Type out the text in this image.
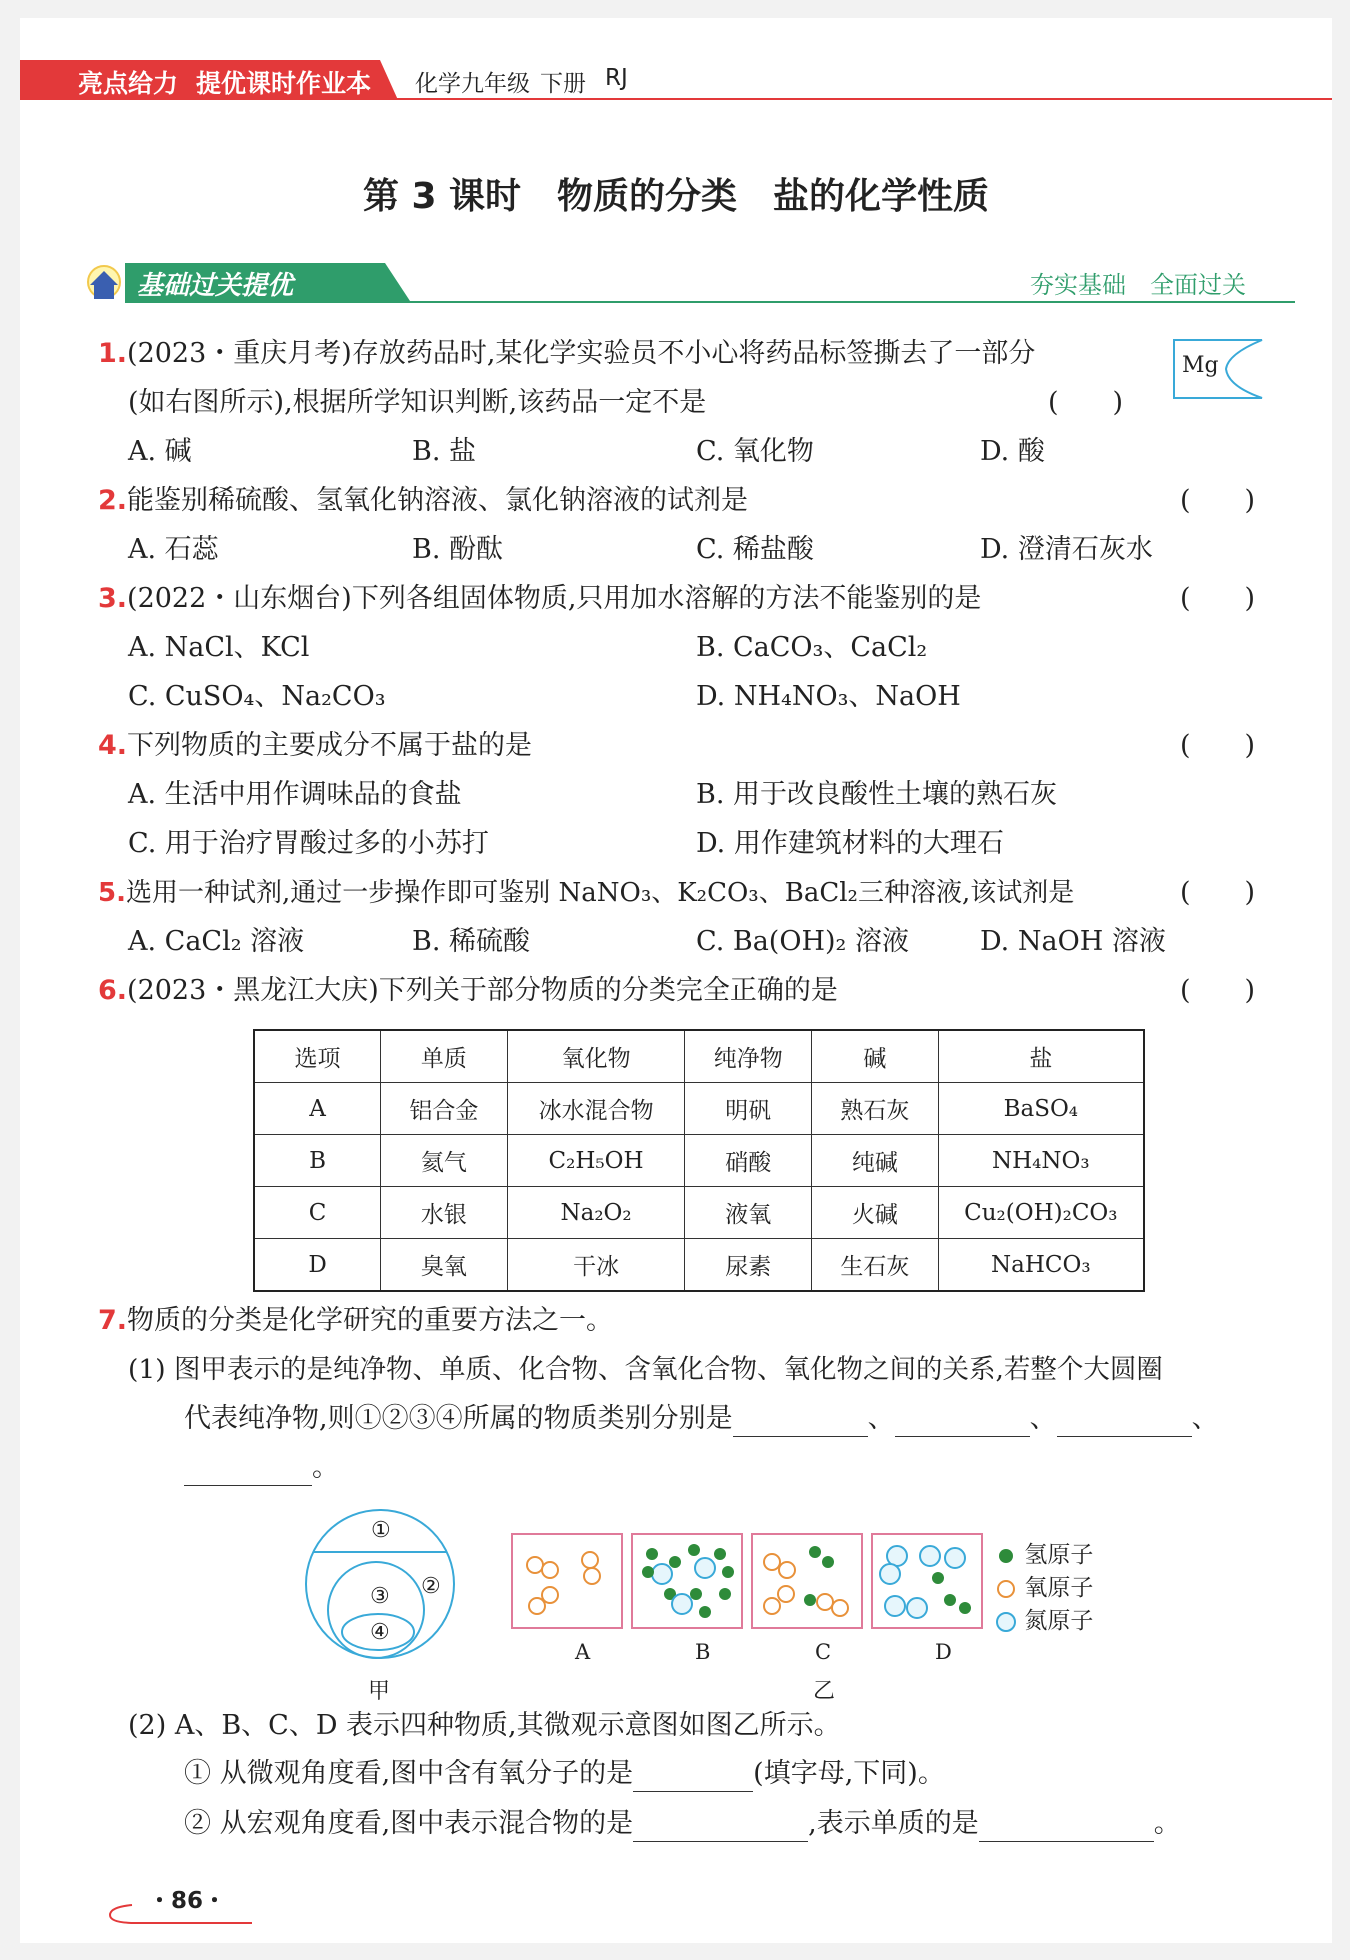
亮点给力 提优课时作业本 化学九年级 下册 RJ
第 3 课时　物质的分类　盐的化学性质
基础过关提优	夯实基础　全面过关
1.(2023・重庆月考)存放药品时,某化学实验员不小心将药品标签撕去了一部分
(如右图所示),根据所学知识判断,该药品一定不是	(　　)
Mg
A. 碱	B. 盐	C. 氧化物	D. 酸
2.能鉴别稀硫酸、氢氧化钠溶液、氯化钠溶液的试剂是	(　　)
A. 石蕊	B. 酚酞	C. 稀盐酸	D. 澄清石灰水
3.(2022・山东烟台)下列各组固体物质,只用加水溶解的方法不能鉴别的是	(　　)
A. NaCl、KCl	B. CaCO₃、CaCl₂
C. CuSO₄、Na₂CO₃	D. NH₄NO₃、NaOH
4.下列物质的主要成分不属于盐的是	(　　)
A. 生活中用作调味品的食盐	B. 用于改良酸性土壤的熟石灰
C. 用于治疗胃酸过多的小苏打	D. 用作建筑材料的大理石
5.选用一种试剂,通过一步操作即可鉴别 NaNO₃、K₂CO₃、BaCl₂三种溶液,该试剂是	(　　)
A. CaCl₂ 溶液	B. 稀硫酸	C. Ba(OH)₂ 溶液	D. NaOH 溶液
6.(2023・黑龙江大庆)下列关于部分物质的分类完全正确的是	(　　)
选项	单质	氧化物	纯净物	碱	盐
A	铝合金	冰水混合物	明矾	熟石灰	BaSO₄
B	氦气	C₂H₅OH	硝酸	纯碱	NH₄NO₃
C	水银	Na₂O₂	液氧	火碱	Cu₂(OH)₂CO₃
D	臭氧	干冰	尿素	生石灰	NaHCO₃
7.物质的分类是化学研究的重要方法之一。
(1) 图甲表示的是纯净物、单质、化合物、含氧化合物、氧化物之间的关系,若整个大圆圈
代表纯净物,则①②③④所属的物质类别分别是	、	、	、
。
①
②
③
④
甲
A	B	C	D
乙
氢原子
氧原子
氮原子
(2) A、B、C、D 表示四种物质,其微观示意图如图乙所示。
① 从微观角度看,图中含有氧分子的是	(填字母,下同)。
② 从宏观角度看,图中表示混合物的是	,表示单质的是	。
・86・
